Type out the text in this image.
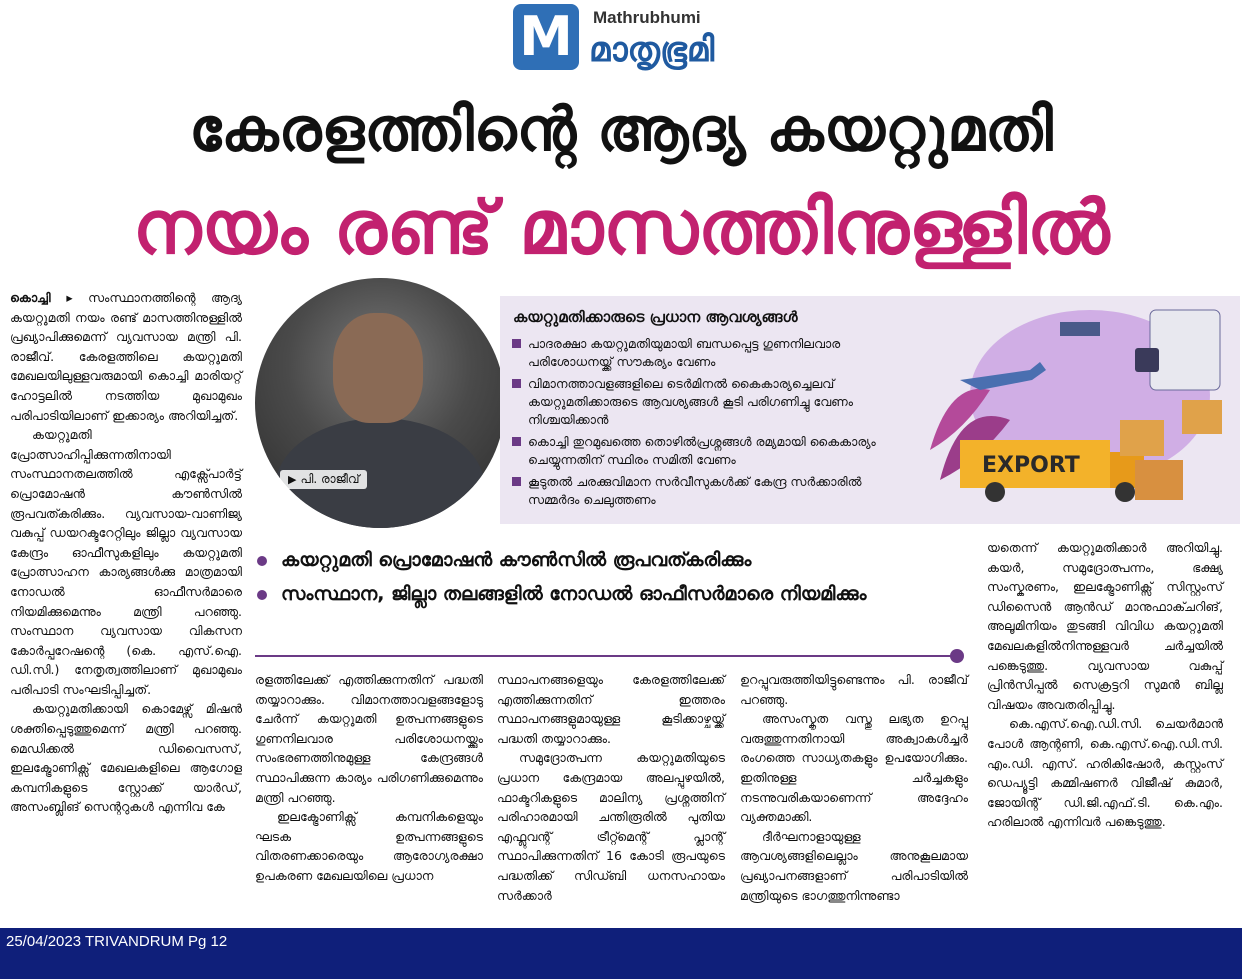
M	Mathrubhumi
മാതൃഭൂമി
കേരളത്തിന്റെ ആദ്യ കയറ്റുമതി
നയം രണ്ട് മാസത്തിനുള്ളിൽ

കൊച്ചി ▸ സംസ്ഥാനത്തിന്റെ ആദ്യ കയറ്റുമതി നയം രണ്ട് മാസത്തിനുള്ളിൽ പ്രഖ്യാപിക്കുമെന്ന് വ്യവസായ മന്ത്രി പി. രാജീവ്. കേരളത്തിലെ കയറ്റുമതി മേഖലയിലുള്ളവരുമായി കൊച്ചി മാരിയറ്റ് ഹോട്ടലിൽ നടത്തിയ മുഖാമുഖം പരിപാടിയിലാണ് ഇക്കാര്യം അറിയിച്ചത്.

കയറ്റുമതി പ്രോത്സാഹിപ്പിക്കുന്നതിനായി സംസ്ഥാനതലത്തിൽ എക്സ്പോർട്ട് പ്രൊമോഷൻ കൗൺസിൽ രൂപവത്കരിക്കും. വ്യവസായ-വാണിജ്യ വകുപ്പ് ഡയറക്ടറേറ്റിലും ജില്ലാ വ്യവസായ കേന്ദ്രം ഓഫീസുകളിലും കയറ്റുമതി പ്രോത്സാഹന കാര്യങ്ങൾക്കു മാത്രമായി നോഡൽ ഓഫീസർമാരെ നിയമിക്കുമെന്നും മന്ത്രി പറഞ്ഞു. സംസ്ഥാന വ്യവസായ വികസന കോർപ്പറേഷന്റെ (കെ. എസ്.ഐ. ഡി.സി.) നേതൃത്വത്തിലാണ് മുഖാമുഖം പരിപാടി സംഘടിപ്പിച്ചത്.

കയറ്റുമതിക്കായി കൊമേഴ്സ് മിഷൻ ശക്തിപ്പെടുത്തുമെന്ന് മന്ത്രി പറഞ്ഞു. മെഡിക്കൽ ഡിവൈസസ്, ഇലക്ട്രോണിക്സ് മേഖലകളിലെ ആഗോള കമ്പനികളുടെ സ്റ്റോക്ക് യാർഡ്, അസംബ്ലിങ് സെന്ററുകൾ എന്നിവ കേ

▶ പി. രാജീവ്
കയറ്റുമതിക്കാരുടെ പ്രധാന ആവശ്യങ്ങൾ
പാദരക്ഷാ കയറ്റുമതിയുമായി ബന്ധപ്പെട്ട ഗുണനിലവാര പരിശോധനയ്ക്ക് സൗകര്യം വേണം
വിമാനത്താവളങ്ങളിലെ ടെർമിനൽ കൈകാര്യച്ചെലവ് കയറ്റുമതിക്കാരുടെ ആവശ്യങ്ങൾ കൂടി പരിഗണിച്ചു വേണം നിശ്ചയിക്കാൻ
കൊച്ചി തുറമുഖത്തെ തൊഴിൽപ്രശ്നങ്ങൾ രമ്യമായി കൈകാര്യം ചെയ്യുന്നതിന് സ്ഥിരം സമിതി വേണം
കൂടുതൽ ചരക്കുവിമാന സർവീസുകൾക്ക് കേന്ദ്ര സർക്കാരിൽ സമ്മർദം ചെലുത്തണം
EXPORT
കയറ്റുമതി പ്രൊമോഷൻ കൗൺസിൽ രൂപവത്കരിക്കും
സംസ്ഥാന, ജില്ലാ തലങ്ങളിൽ നോഡൽ ഓഫീസർമാരെ നിയമിക്കും

രളത്തിലേക്ക് എത്തിക്കുന്നതിന് പദ്ധതി തയ്യാറാക്കും. വിമാനത്താവളങ്ങളോടു ചേർന്ന് കയറ്റുമതി ഉത്പന്നങ്ങളുടെ ഗുണനിലവാര പരിശോധനയ്ക്കും സംഭരണത്തിനുമുള്ള കേന്ദ്രങ്ങൾ സ്ഥാപിക്കുന്ന കാര്യം പരിഗണിക്കുമെന്നും മന്ത്രി പറഞ്ഞു.

ഇലക്ട്രോണിക്സ് കമ്പനികളെയും ഘടക ഉത്പന്നങ്ങളുടെ വിതരണക്കാരെയും ആരോഗ്യരക്ഷാ ഉപകരണ മേഖലയിലെ പ്രധാന

സ്ഥാപനങ്ങളെയും കേരളത്തിലേക്ക് എത്തിക്കുന്നതിന് ഇത്തരം സ്ഥാപനങ്ങളുമായുള്ള കൂടിക്കാഴ്ചയ്ക്ക് പദ്ധതി തയ്യാറാക്കും.

സമുദ്രോത്പന്ന കയറ്റുമതിയുടെ പ്രധാന കേന്ദ്രമായ അലപ്പുഴയിൽ, ഫാക്ടറികളുടെ മാലിന്യ പ്രശ്നത്തിന് പരിഹാരമായി ചന്തിരൂരിൽ പുതിയ എഫ്ലുവന്റ് ട്രീറ്റ്മെന്റ് പ്ലാന്റ് സ്ഥാപിക്കുന്നതിന് 16 കോടി രൂപയുടെ പദ്ധതിക്ക് സിഡ്ബി ധനസഹായം സർക്കാർ

ഉറപ്പുവരുത്തിയിട്ടുണ്ടെന്നും പി. രാജീവ് പറഞ്ഞു.

അസംസ്കൃത വസ്തു ലഭ്യത ഉറപ്പു വരുത്തുന്നതിനായി അക്വാകൾച്ചർ രംഗത്തെ സാധ്യതകളും ഉപയോഗിക്കും. ഇതിനുള്ള ചർച്ചകളും നടന്നുവരികയാണെന്ന് അദ്ദേഹം വ്യക്തമാക്കി.

ദീർഘനാളായുള്ള ആവശ്യങ്ങളിലെല്ലാം അനുകൂലമായ പ്രഖ്യാപനങ്ങളാണ് പരിപാടിയിൽ മന്ത്രിയുടെ ഭാഗത്തുനിന്നുണ്ടാ

യതെന്ന് കയറ്റുമതിക്കാർ അറിയിച്ചു. കയർ, സമുദ്രോത്പന്നം, ഭക്ഷ്യ സംസ്കരണം, ഇലക്ട്രോണിക്സ് സിസ്റ്റംസ് ഡിസൈൻ ആൻഡ് മാനുഫാക്ചറിങ്, അലൂമിനിയം തുടങ്ങി വിവിധ കയറ്റുമതി മേഖലകളിൽനിന്നുള്ളവർ ചർച്ചയിൽ പങ്കെടുത്തു. വ്യവസായ വകുപ്പ് പ്രിൻസിപ്പൽ സെക്രട്ടറി സുമൻ ബില്ല വിഷയം അവതരിപ്പിച്ചു.

കെ.എസ്.ഐ.ഡി.സി. ചെയർമാൻ പോൾ ആന്റണി, കെ.എസ്.ഐ.ഡി.സി. എം.ഡി. എസ്. ഹരികിഷോർ, കസ്റ്റംസ് ഡെപ്യൂട്ടി കമ്മിഷണർ വിജീഷ് കുമാർ, ജോയിന്റ് ഡി.ജി.എഫ്.ടി. കെ.എം. ഹരിലാൽ എന്നിവർ പങ്കെടുത്തു.

25/04/2023 TRIVANDRUM Pg 12
